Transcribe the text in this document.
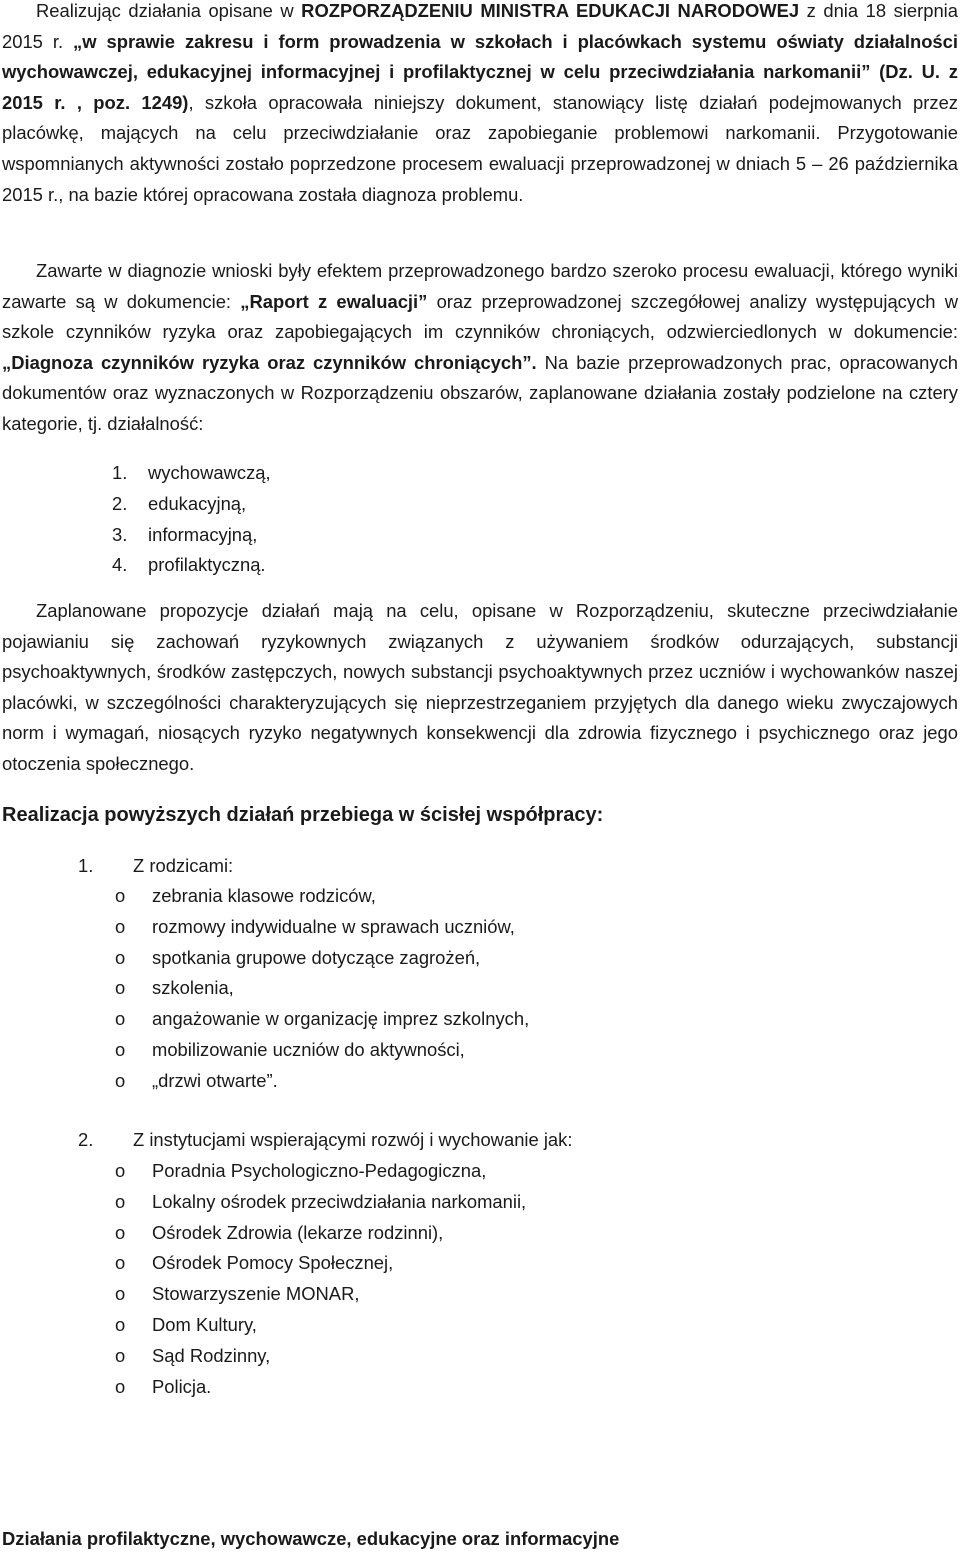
Realizując działania opisane w ROZPORZĄDZENIU MINISTRA EDUKACJI NARODOWEJ z dnia 18 sierpnia 2015 r. „w sprawie zakresu i form prowadzenia w szkołach i placówkach systemu oświaty działalności wychowawczej, edukacyjnej informacyjnej i profilaktycznej w celu przeciwdziałania narkomanii” (Dz. U. z 2015 r. , poz. 1249), szkoła opracowała niniejszy dokument, stanowiący listę działań podejmowanych przez placówkę, mających na celu przeciwdziałanie oraz zapobieganie problemowi narkomanii. Przygotowanie wspomnianych aktywności zostało poprzedzone procesem ewaluacji przeprowadzonej w dniach 5 – 26 października 2015 r., na bazie której opracowana została diagnoza problemu.

Zawarte w diagnozie wnioski były efektem przeprowadzonego bardzo szeroko procesu ewaluacji, którego wyniki zawarte są w dokumencie: „Raport z ewaluacji” oraz przeprowadzonej szczegółowej analizy występujących w szkole czynników ryzyka oraz zapobiegających im czynników chroniących, odzwierciedlonych w dokumencie: „Diagnoza czynników ryzyka oraz czynników chroniących”. Na bazie przeprowadzonych prac, opracowanych dokumentów oraz wyznaczonych w Rozporządzeniu obszarów, zaplanowane działania zostały podzielone na cztery kategorie, tj. działalność:

1. wychowawczą,
2. edukacyjną,
3. informacyjną,
4. profilaktyczną.

Zaplanowane propozycje działań mają na celu, opisane w Rozporządzeniu, skuteczne przeciwdziałanie pojawianiu się zachowań ryzykownych związanych z używaniem środków odurzających, substancji psychoaktywnych, środków zastępczych, nowych substancji psychoaktywnych przez uczniów i wychowanków naszej placówki, w szczególności charakteryzujących się nieprzestrzeganiem przyjętych dla danego wieku zwyczajowych norm i wymagań, niosących ryzyko negatywnych konsekwencji dla zdrowia fizycznego i psychicznego oraz jego otoczenia społecznego.

Realizacja powyższych działań przebiega w ścisłej współpracy:

1. Z rodzicami:

o zebrania klasowe rodziców,
o rozmowy indywidualne w sprawach uczniów,
o spotkania grupowe dotyczące zagrożeń,
o szkolenia,
o angażowanie w organizację imprez szkolnych,
o mobilizowanie uczniów do aktywności,
o „drzwi otwarte”.

2. Z instytucjami wspierającymi rozwój i wychowanie jak:

o Poradnia Psychologiczno-Pedagogiczna,
o Lokalny ośrodek przeciwdziałania narkomanii,
o Ośrodek Zdrowia (lekarze rodzinni),
o Ośrodek Pomocy Społecznej,
o Stowarzyszenie MONAR,
o Dom Kultury,
o Sąd Rodzinny,
o Policja.
Działania profilaktyczne, wychowawcze, edukacyjne oraz informacyjne
